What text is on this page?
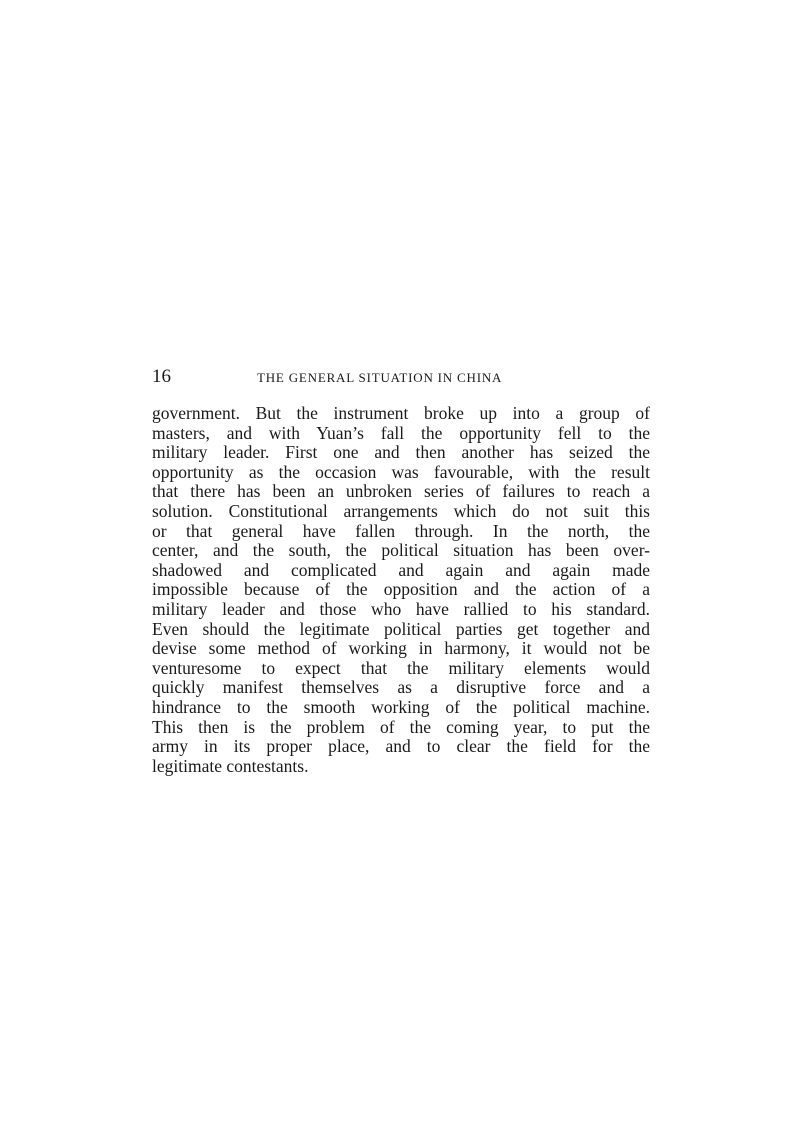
16	THE GENERAL SITUATION IN CHINA
government. But the instrument broke up into a group of
masters, and with Yuan’s fall the opportunity fell to the
military leader. First one and then another has seized the
opportunity as the occasion was favourable, with the result
that there has been an unbroken series of failures to reach a
solution. Constitutional arrangements which do not suit this
or that general have fallen through. In the north, the
center, and the south, the political situation has been over-
shadowed and complicated and again and again made
impossible because of the opposition and the action of a
military leader and those who have rallied to his standard.
Even should the legitimate political parties get together and
devise some method of working in harmony, it would not be
venturesome to expect that the military elements would
quickly manifest themselves as a disruptive force and a
hindrance to the smooth working of the political machine.
This then is the problem of the coming year, to put the
army in its proper place, and to clear the field for the
legitimate contestants.
